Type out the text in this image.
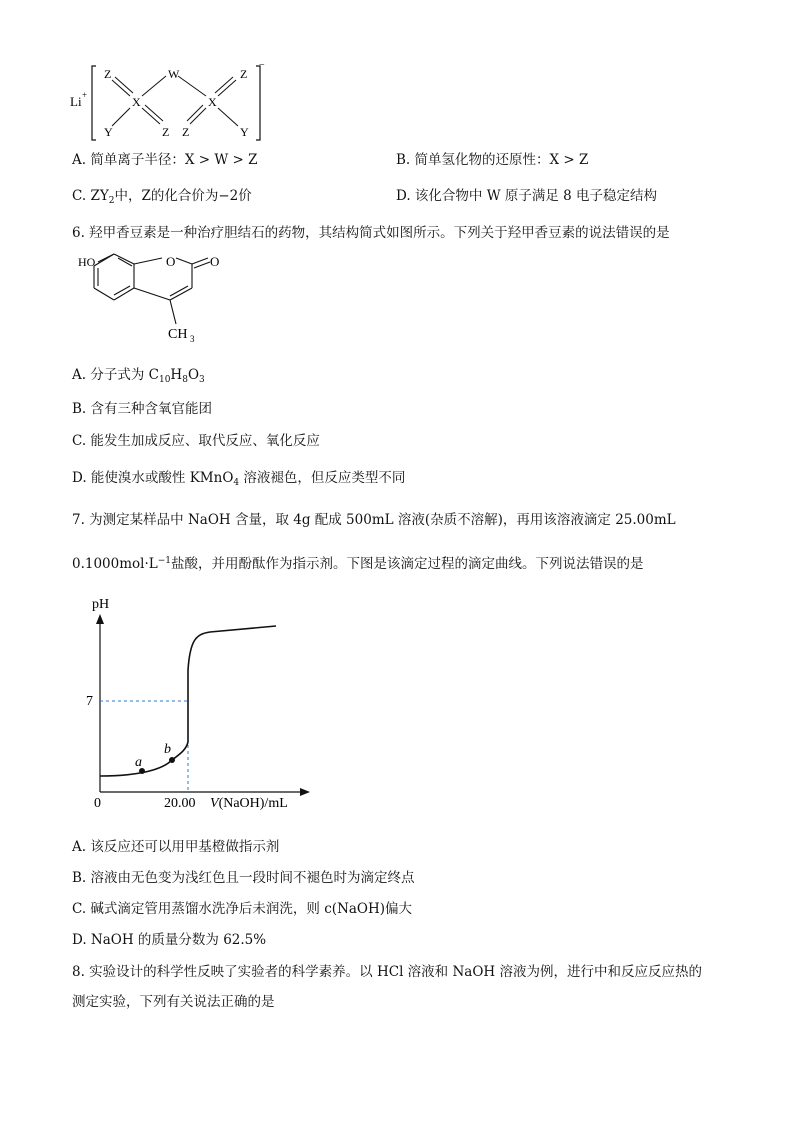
Li +
−
Z	W	Z
X	X
Y	Z Z	Y
A. 简单离子半径：X > W > Z	B. 简单氢化物的还原性：X > Z
C. $ZY_2$中，Z的化合价为−2价	D. 该化合物中 W 原子满足 8 电子稳定结构
6. 羟甲香豆素是一种治疗胆结石的药物，其结构简式如图所示。下列关于羟甲香豆素的说法错误的是
HO	O	O
CH 3
A. 分子式为 $C_{10}H_8O_3$
B. 含有三种含氧官能团
C. 能发生加成反应、取代反应、氧化反应
D. 能使溴水或酸性 KMnO$_4$ 溶液褪色，但反应类型不同
7. 为测定某样品中 NaOH 含量，取 4g 配成 500mL 溶液(杂质不溶解)，再用该溶液滴定 25.00mL
$0.1000mol\cdot L^{-1}$盐酸，并用酚酞作为指示剂。下图是该滴定过程的滴定曲线。下列说法错误的是
pH
0
7
20.00 V(NaOH)/mL
a
b
A. 该反应还可以用甲基橙做指示剂
B. 溶液由无色变为浅红色且一段时间不褪色时为滴定终点
C. 碱式滴定管用蒸馏水洗净后未润洗，则 c(NaOH)偏大
D. NaOH 的质量分数为 62.5%
8. 实验设计的科学性反映了实验者的科学素养。以 HCl 溶液和 NaOH 溶液为例，进行中和反应反应热的
测定实验，下列有关说法正确的是
